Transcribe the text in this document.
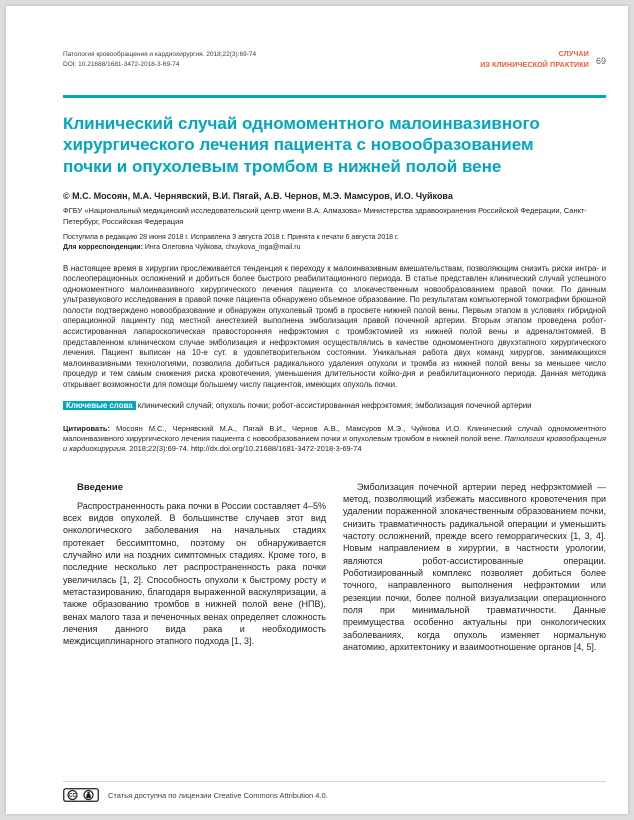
Патология кровообращения и кардиохирургия. 2018;22(3):69-74
DOI: 10.21688/1681-3472-2018-3-69-74
СЛУЧАИ
ИЗ КЛИНИЧЕСКОЙ ПРАКТИКИ 69
Клинический случай одномоментного малоинвазивного хирургического лечения пациента с новообразованием почки и опухолевым тромбом в нижней полой вене
© М.С. Мосоян, М.А. Чернявский, В.И. Пягай, А.В. Чернов, М.Э. Мамсуров, И.О. Чуйкова
ФГБУ «Национальный медицинский исследовательский центр имени В.А. Алмазова» Министерства здравоохранения Российской Федерации, Санкт-Петербург, Российская Федерация
Поступила в редакцию 28 июня 2018 г. Исправлена 3 августа 2018 г. Принята к печати 6 августа 2018 г.
Для корреспонденции: Инга Олеговна Чуйкова, chuykova_inga@mail.ru
В настоящее время в хирургии прослеживается тенденция к переходу к малоинвазивным вмешательствам, позволяющим снизить риски интра- и послеоперационных осложнений и добиться более быстрого реабилитационного периода. В статье представлен клинический случай успешного одномоментного малоинвазивного хирургического лечения пациента со злокачественным новообразованием правой почки. По данным ультразвукового исследования в правой почке пациента обнаружено объемное образование. По результатам компьютерной томографии брюшной полости подтверждено новообразование и обнаружен опухолевый тромб в просвете нижней полой вены. Первым этапом в условиях гибридной операционной пациенту под местной анестезией выполнена эмболизация правой почечной артерии. Вторым этапом проведена робот-ассистированная лапароскопическая правосторонняя нефрэктомия с тромбэктомией из нижней полой вены и адреналэктомией. В представленном клиническом случае эмболизация и нефрэктомия осуществлялись в качестве одномоментного двухэтапного хирургического лечения. Пациент выписан на 10-е сут. в удовлетворительном состоянии. Уникальная работа двух команд хирургов, занимающихся малоинвазивными технологиями, позволила добиться радикального удаления опухоли и тромба из нижней полой вены за меньшее число процедур и тем самым снижения риска кровотечения, уменьшения длительности койко-дня и реабилитационного периода. Данная методика открывает возможности для помощи большему числу пациентов, имеющих опухоль почки.
Ключевые слова клинический случай; опухоль почки; робот-ассистированная нефрэктомия; эмболизация почечной артерии
Цитировать: Мосоян М.С., Чернявский М.А., Пягай В.И., Чернов А.В., Мамсуров М.Э., Чуйкова И.О. Клинический случай одномоментного малоинвазивного хирургического лечения пациента с новообразованием почки и опухолевым тромбом в нижней полой вене. Патология кровообращения и кардиохирургия. 2018;22(3):69-74. http://dx.doi.org/10.21688/1681-3472-2018-3-69-74
Введение

Распространенность рака почки в России составляет 4–5% всех видов опухолей. В большинстве случаев этот вид онкологического заболевания на начальных стадиях протекает бессимптомно, поэтому он обнаруживается случайно или на поздних симптомных стадиях. Кроме того, в последние несколько лет распространенность рака почки увеличилась [1, 2]. Способность опухоли к быстрому росту и метастазированию, благодаря выраженной васкуляризации, а также образованию тромбов в нижней полой вене (НПВ), венах малого таза и печеночных венах определяет сложность лечения данного вида рака и необходимость междисциплинарного этапного подхода [1, 3].

Эмболизация почечной артерии перед нефрэктомией — метод, позволяющий избежать массивного кровотечения при удалении пораженной злокачественным образованием почки, снизить травматичность радикальной операции и уменьшить частоту осложнений, прежде всего геморрагических [1, 3, 4]. Новым направлением в хирургии, в частности урологии, являются робот-ассистированные операции. Роботизированный комплекс позволяет добиться более точного, направленного выполнения нефрэктомии или резекции почки, более полной визуализации операционного поля при минимальной травматичности. Данные преимущества особенно актуальны при онкологических заболеваниях, когда опухоль изменяет нормальную анатомию, архитектонику и взаимоотношение органов [4, 5].

CC	Статья доступна по лицензии Creative Commons Attribution 4.0.
